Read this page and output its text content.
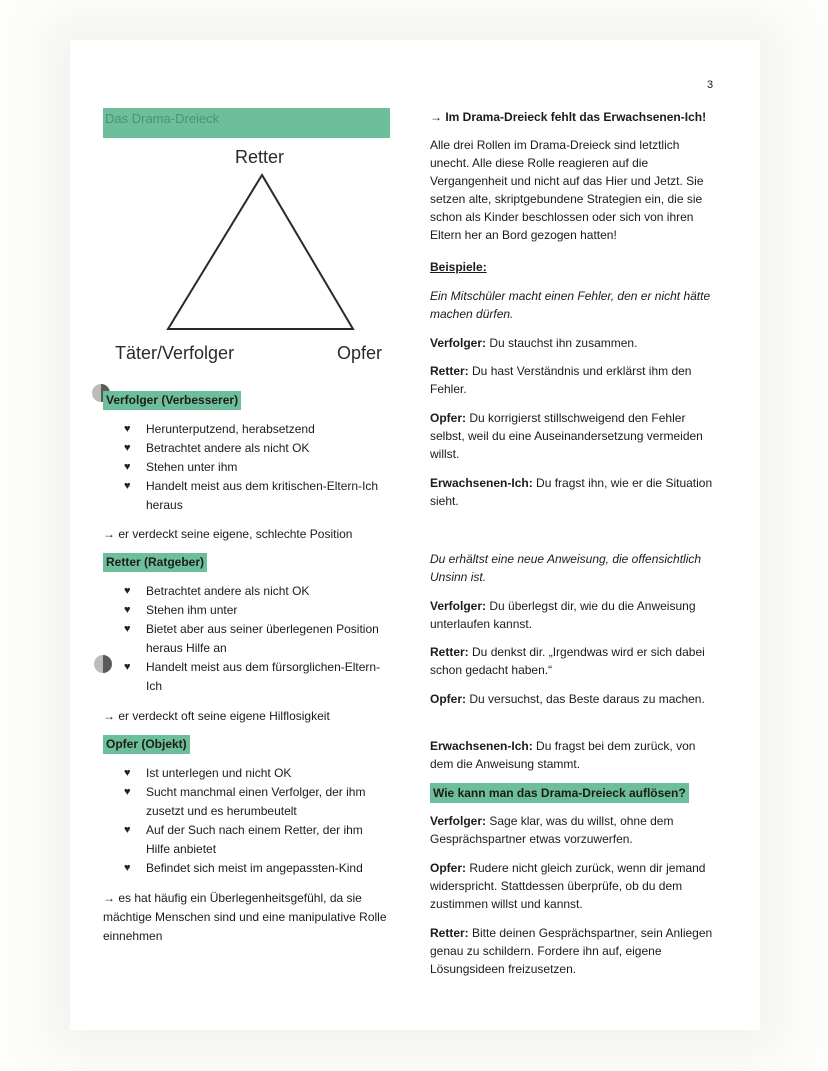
3
Das Drama-Dreieck
Retter
Täter/Verfolger	Opfer
Verfolger (Verbesserer)
♥ Herunterputzend, herabsetzend
♥ Betrachtet andere als nicht OK
♥ Stehen unter ihm
♥ Handelt meist aus dem kritischen-Eltern-Ich heraus
→ er verdeckt seine eigene, schlechte Position
Retter (Ratgeber)
♥ Betrachtet andere als nicht OK
♥ Stehen ihm unter
♥ Bietet aber aus seiner überlegenen Position heraus Hilfe an
♥ Handelt meist aus dem fürsorglichen-Eltern-Ich
→ er verdeckt oft seine eigene Hilflosigkeit
Opfer (Objekt)
♥ Ist unterlegen und nicht OK
♥ Sucht manchmal einen Verfolger, der ihm zusetzt und es herumbeutelt
♥ Auf der Such nach einem Retter, der ihm Hilfe anbietet
♥ Befindet sich meist im angepassten-Kind
→ es hat häufig ein Überlegenheitsgefühl, da sie mächtige Menschen sind und eine manipulative Rolle einnehmen
→ Im Drama-Dreieck fehlt das Erwachsenen-Ich!
Alle drei Rollen im Drama-Dreieck sind letztlich unecht. Alle diese Rolle reagieren auf die Vergangenheit und nicht auf das Hier und Jetzt. Sie setzen alte, skriptgebundene Strategien ein, die sie schon als Kinder beschlossen oder sich von ihren Eltern her an Bord gezogen hatten!
Beispiele:
Ein Mitschüler macht einen Fehler, den er nicht hätte machen dürfen.
Verfolger: Du stauchst ihn zusammen.
Retter: Du hast Verständnis und erklärst ihm den Fehler.
Opfer: Du korrigierst stillschweigend den Fehler selbst, weil du eine Auseinandersetzung vermeiden willst.
Erwachsenen-Ich: Du fragst ihn, wie er die Situation sieht.
Du erhältst eine neue Anweisung, die offensichtlich Unsinn ist.
Verfolger: Du überlegst dir, wie du die Anweisung unterlaufen kannst.
Retter: Du denkst dir. „Irgendwas wird er sich dabei schon gedacht haben.“
Opfer: Du versuchst, das Beste daraus zu machen.
Erwachsenen-Ich: Du fragst bei dem zurück, von dem die Anweisung stammt.
Wie kann man das Drama-Dreieck auflösen?
Verfolger: Sage klar, was du willst, ohne dem Gesprächspartner etwas vorzuwerfen.
Opfer: Rudere nicht gleich zurück, wenn dir jemand widerspricht. Stattdessen überprüfe, ob du dem zustimmen willst und kannst.
Retter: Bitte deinen Gesprächspartner, sein Anliegen genau zu schildern. Fordere ihn auf, eigene Lösungsideen freizusetzen.
